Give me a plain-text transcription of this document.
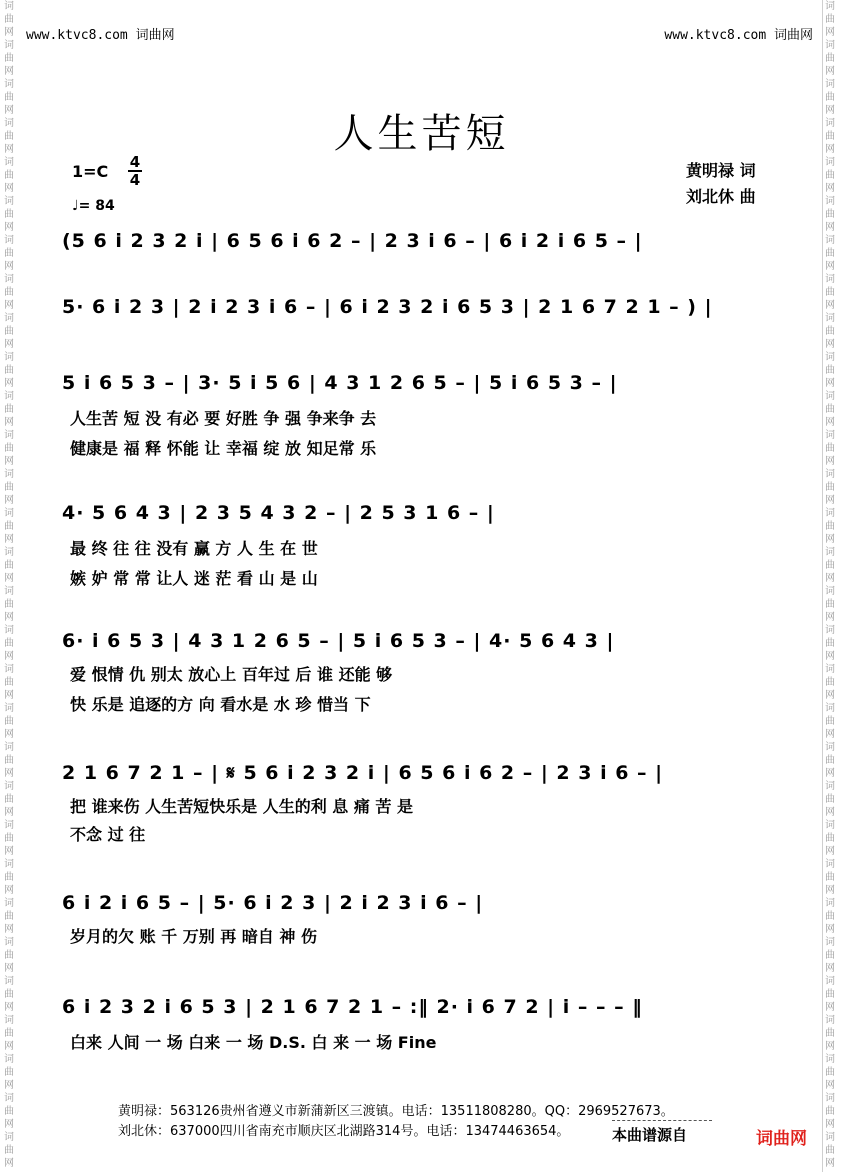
词曲网词曲网词曲网词曲网词曲网词曲网词曲网词曲网词曲网词曲网词曲网词曲网词曲网词曲网词曲网词曲网词曲网词曲网词曲网词曲网词曲网词曲网词曲网词曲网词曲网词曲网词曲网词曲网词曲网词曲网
词曲网词曲网词曲网词曲网词曲网词曲网词曲网词曲网词曲网词曲网词曲网词曲网词曲网词曲网词曲网词曲网词曲网词曲网词曲网词曲网词曲网词曲网词曲网词曲网词曲网词曲网词曲网词曲网词曲网词曲网
www.ktvc8.com 词曲网	www.ktvc8.com 词曲网
人生苦短
1=C 4
4
♩= 84
黄明禄 词
刘北休 曲
(5 6 i 2 3 2 i | 6 5 6 i 6 2 – | 2 3 i 6 – | 6 i 2 i 6 5 – |
5· 6 i 2 3 | 2 i 2 3 i 6 – | 6 i 2 3 2 i 6 5 3 | 2 1 6 7 2 1 – ) |
5 i 6 5 3 – | 3· 5 i 5 6 | 4 3 1 2 6 5 – | 5 i 6 5 3 – |
人生苦 短 没 有必 要 好胜 争 强 争来争 去
健康是 福 释 怀能 让 幸福 绽 放 知足常 乐
4· 5 6 4 3 | 2 3 5 4 3 2 – | 2 5 3 1 6 – |
最 终 往 往 没有 赢 方 人 生 在 世
嫉 妒 常 常 让人 迷 茫 看 山 是 山
6· i 6 5 3 | 4 3 1 2 6 5 – | 5 i 6 5 3 – | 4· 5 6 4 3 |
爱 恨情 仇 别太 放心上 百年过 后 谁 还能 够
快 乐是 追逐的方 向 看水是 水 珍 惜当 下
2 1 6 7 2 1 – | 𝄋 5 6 i 2 3 2 i | 6 5 6 i 6 2 – | 2 3 i 6 – |
把 谁来伤 人生苦短快乐是 人生的利 息 痛 苦 是
不念 过 往
6 i 2 i 6 5 – | 5· 6 i 2 3 | 2 i 2 3 i 6 – |
岁月的欠 账 千 万别 再 暗自 神 伤
6 i 2 3 2 i 6 5 3 | 2 1 6 7 2 1 – :‖ 2· i 6 7 2 | i – – – ‖
白来 人间 一 场 白来 一 场 D.S. 白 来 一 场 Fine
黄明禄：563126贵州省遵义市新蒲新区三渡镇。电话：13511808280。QQ：2969527673。
刘北休：637000四川省南充市顺庆区北湖路314号。电话：13474463654。	本曲谱源自	词曲网
